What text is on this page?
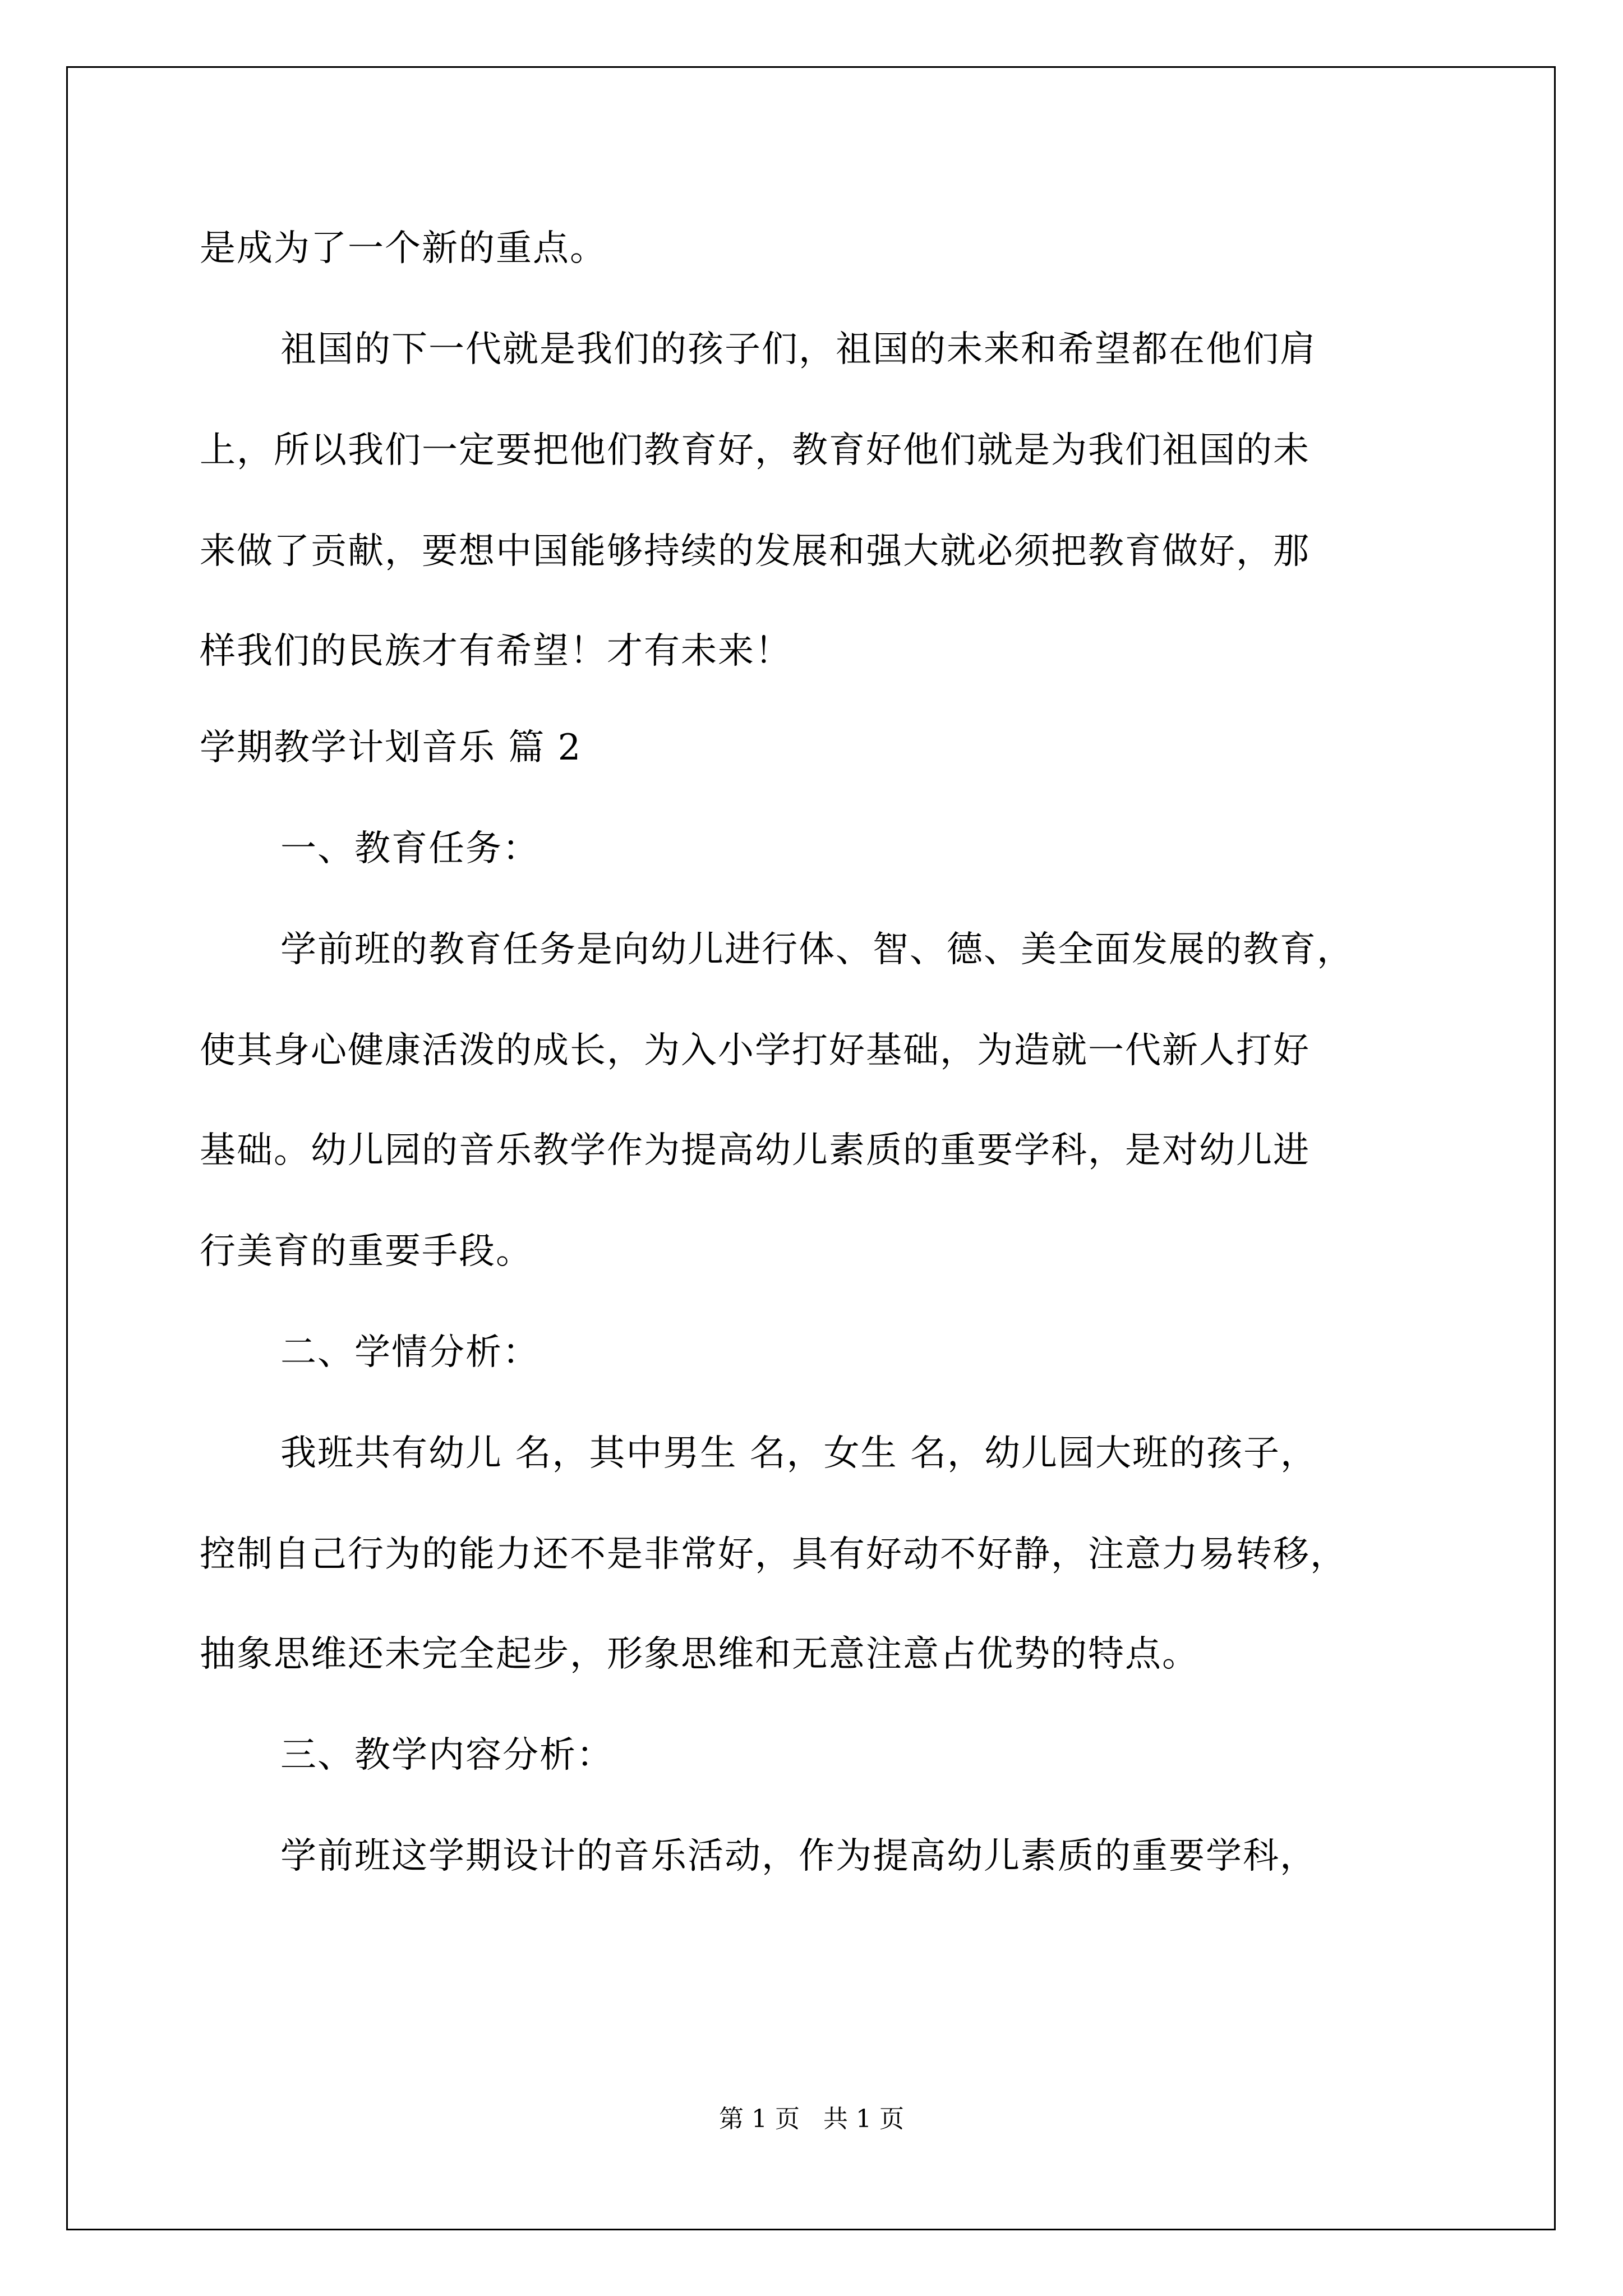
是成为了一个新的重点。
祖国的下一代就是我们的孩子们，祖国的未来和希望都在他们肩
上，所以我们一定要把他们教育好，教育好他们就是为我们祖国的未
来做了贡献，要想中国能够持续的发展和强大就必须把教育做好，那
样我们的民族才有希望！才有未来！
学期教学计划音乐 篇 2
一、教育任务：
学前班的教育任务是向幼儿进行体、智、德、美全面发展的教育，
使其身心健康活泼的成长，为入小学打好基础，为造就一代新人打好
基础。幼儿园的音乐教学作为提高幼儿素质的重要学科，是对幼儿进
行美育的重要手段。
二、学情分析：
我班共有幼儿 名，其中男生 名，女生 名，幼儿园大班的孩子，
控制自己行为的能力还不是非常好，具有好动不好静，注意力易转移，
抽象思维还未完全起步，形象思维和无意注意占优势的特点。
三、教学内容分析：
学前班这学期设计的音乐活动，作为提高幼儿素质的重要学科，
第 1 页   共 1 页
